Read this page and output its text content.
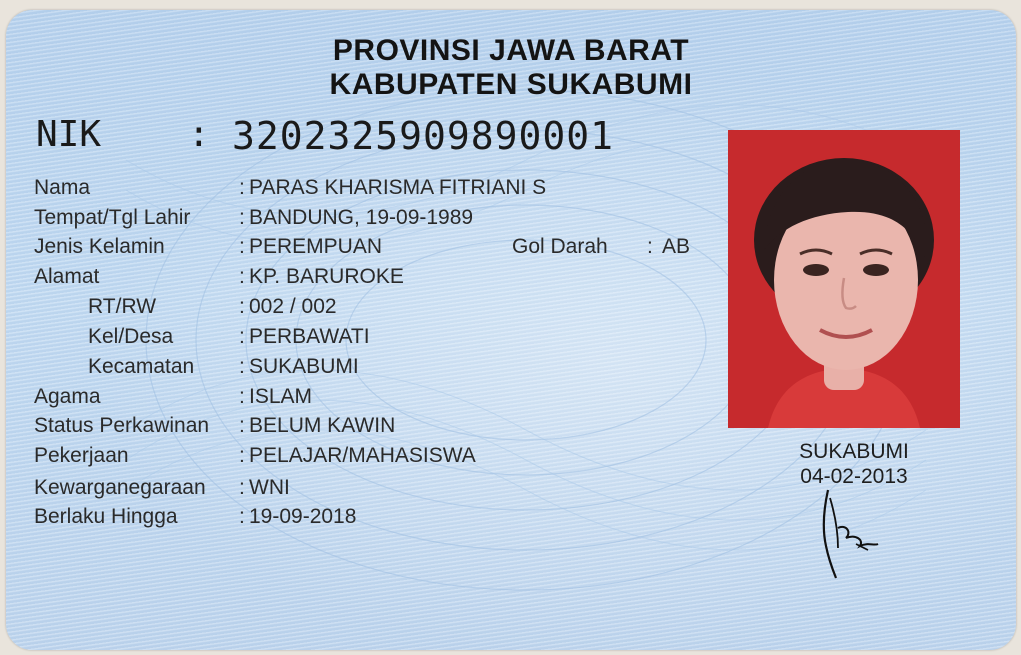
PROVINSI JAWA BARAT
KABUPATEN SUKABUMI
NIK : 3202325909890001
Nama	: PARAS KHARISMA FITRIANI S
Tempat/Tgl Lahir : BANDUNG, 19-09-1989
Jenis Kelamin	: PEREMPUAN	Gol Darah : AB
Alamat	: KP. BARUROKE
RT/RW	: 002 / 002
Kel/Desa	: PERBAWATI
Kecamatan : SUKABUMI
Agama	: ISLAM
Status Perkawinan : BELUM KAWIN
Pekerjaan	: PELAJAR/MAHASISWA
Kewarganegaraan : WNI
Berlaku Hingga	: 19-09-2018
SUKABUMI
04-02-2013
